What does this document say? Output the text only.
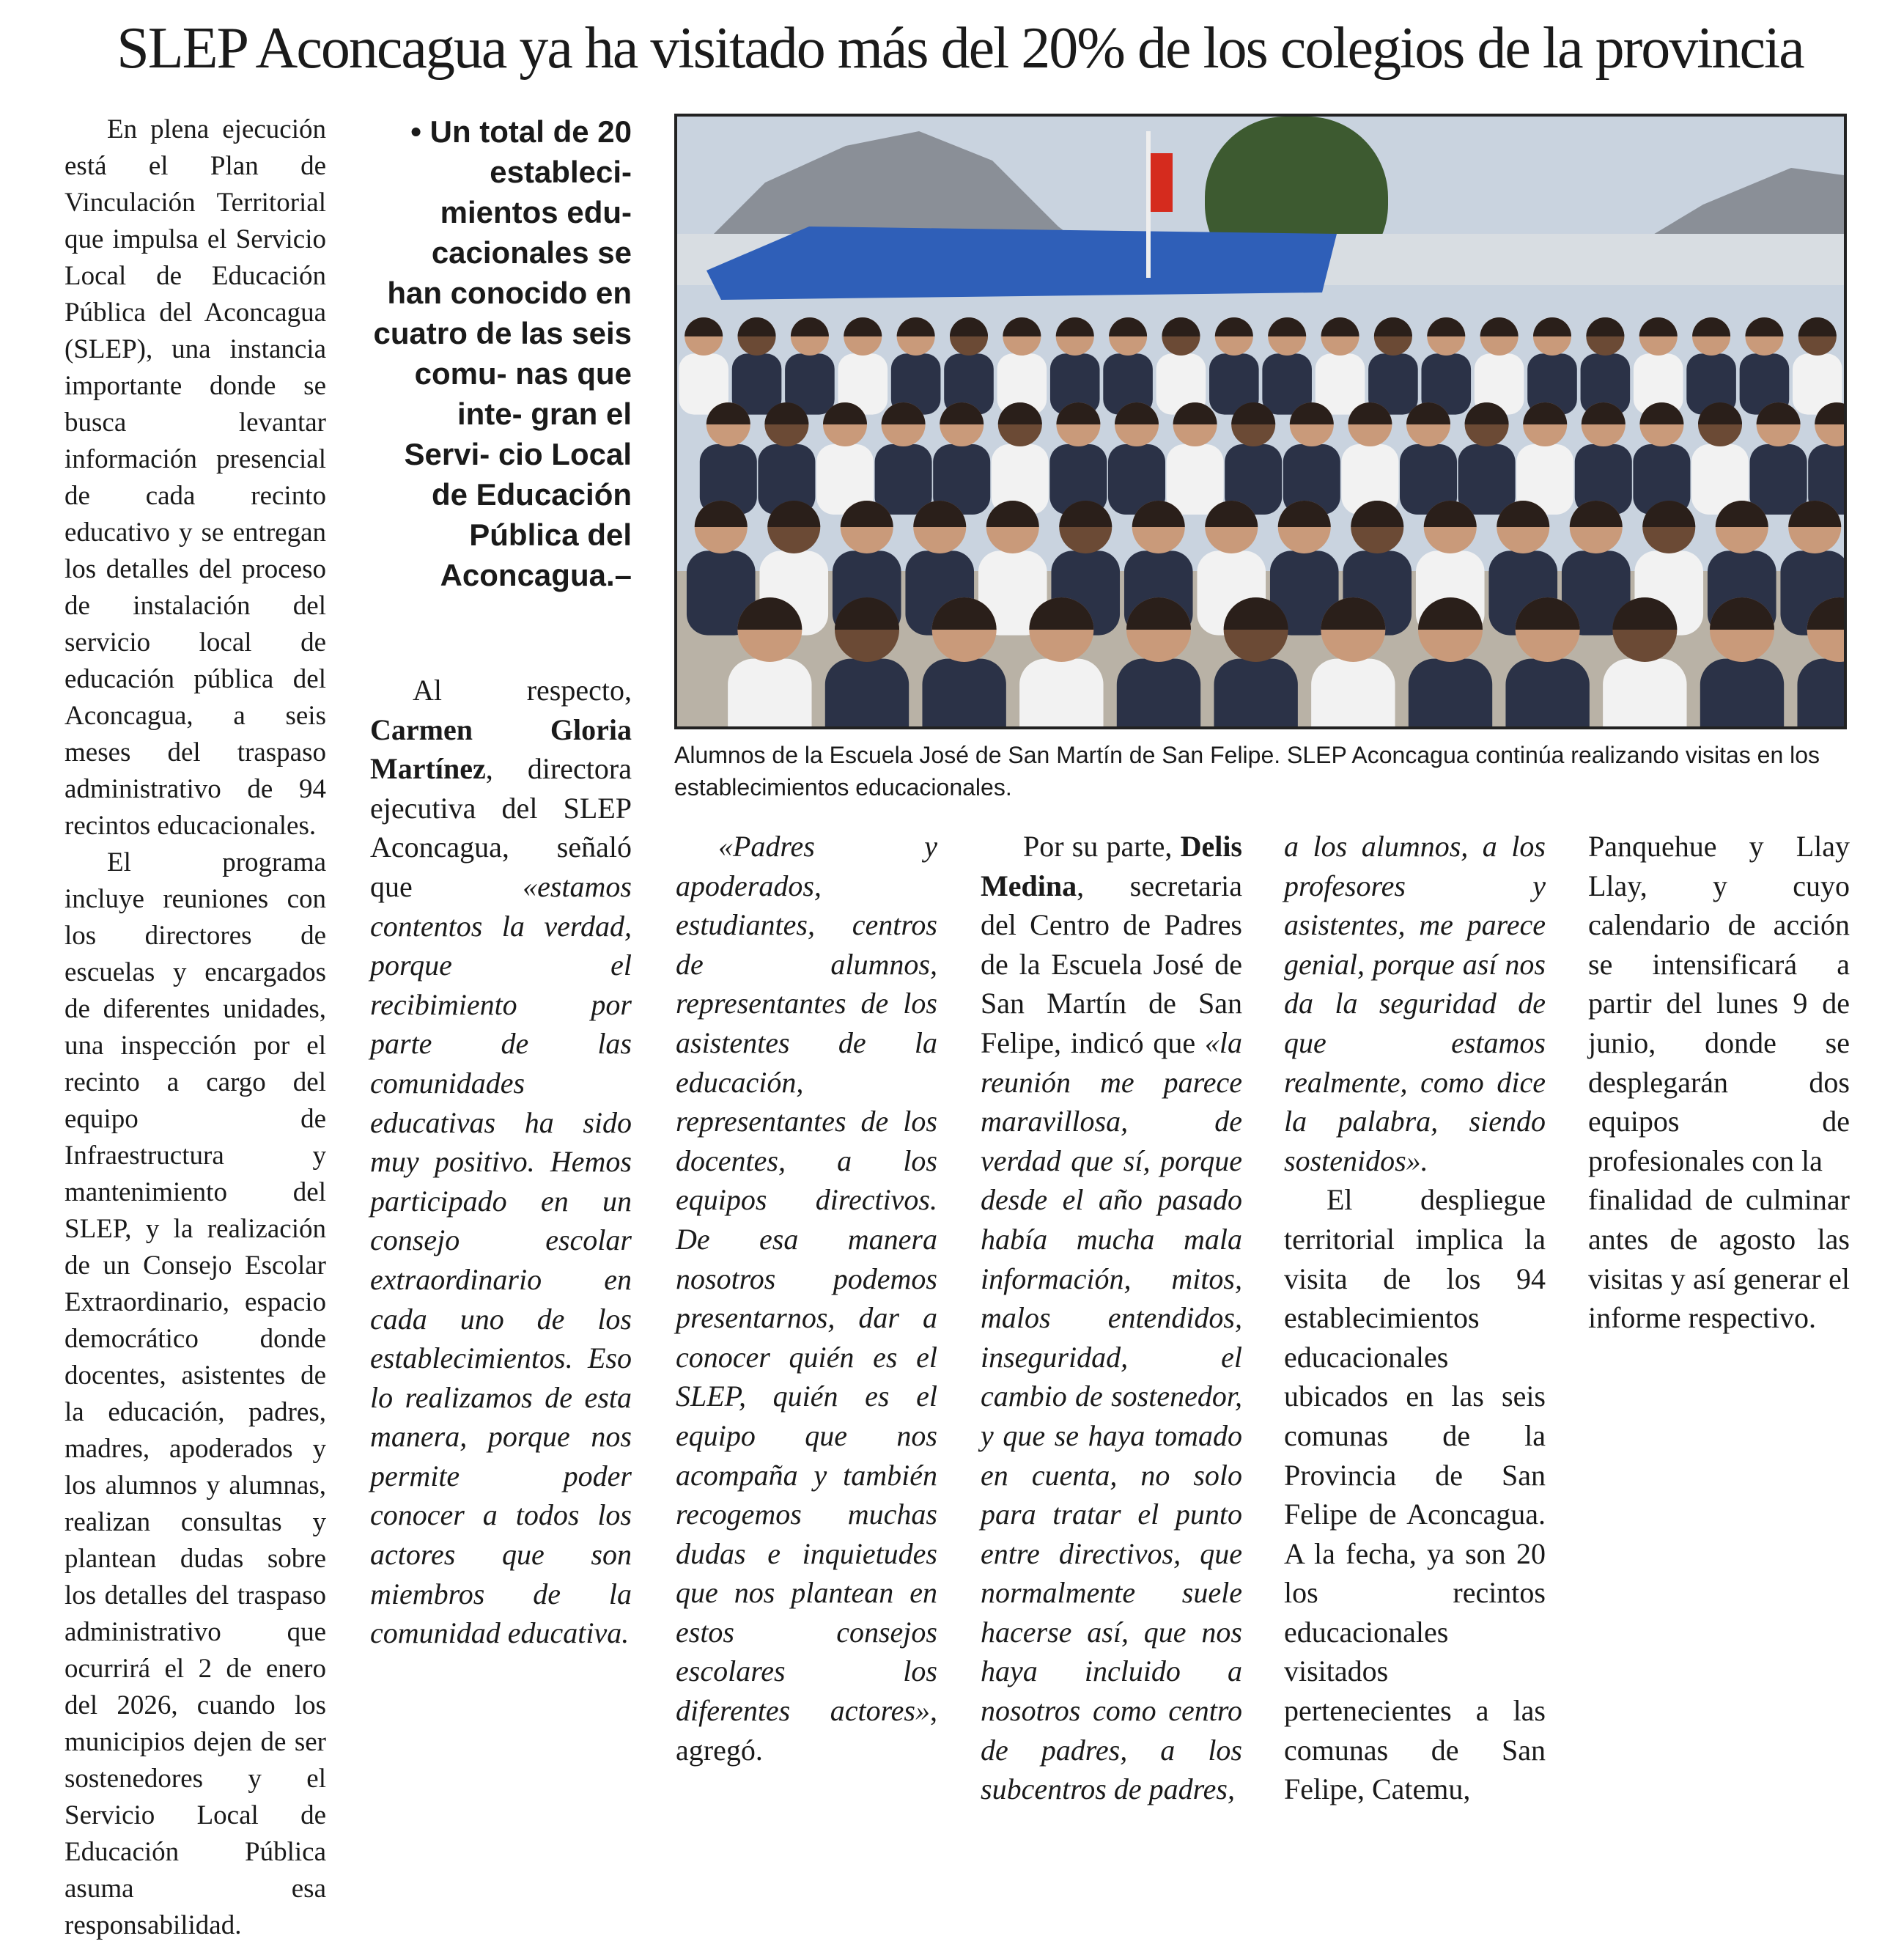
SLEP Aconcagua ya ha visitado más del 20% de los colegios de la provincia

En plena ejecución está el Plan de Vinculación Territorial que impulsa el Servicio Local de Educación Pública del Aconcagua (SLEP), una instancia importante donde se busca levantar información presencial de cada recinto educativo y se entregan los detalles del proceso de instalación del servicio local de educación pública del Aconcagua, a seis meses del traspaso administrativo de 94 recintos educacionales.

El programa incluye reuniones con los directores de escuelas y encargados de diferentes unidades, una inspección por el recinto a cargo del equipo de Infraestructura y mantenimiento del SLEP, y la realización de un Consejo Escolar Extraordinario, espacio democrático donde docentes, asistentes de la educación, padres, madres, apoderados y los alumnos y alumnas, realizan consultas y plantean dudas sobre los detalles del traspaso administrativo que ocurrirá el 2 de enero del 2026, cuando los municipios dejen de ser sostenedores y el Servicio Local de Educación Pública asuma esa responsabilidad.

• Un total de 20 estableci- mientos edu- cacionales se han conocido en cuatro de las seis comu- nas que inte- gran el Servi- cio Local de Educación Pública del Aconcagua.–

Al respecto, Carmen Gloria Martínez, directora ejecutiva del SLEP Aconcagua, señaló que «estamos contentos la verdad, porque el recibimiento por parte de las comunidades educativas ha sido muy positivo. Hemos participado en un consejo escolar extraordinario en cada uno de los establecimientos. Eso lo realizamos de esta manera, porque nos permite poder conocer a todos los actores que son miembros de la comunidad educativa.

Alumnos de la Escuela José de San Martín de San Felipe. SLEP Aconcagua continúa realizando visitas en los establecimientos educacionales.

«Padres y apoderados, estudiantes, centros de alumnos, representantes de los asistentes de la educación, representantes de los docentes, a los equipos directivos. De esa manera nosotros podemos presentarnos, dar a conocer quién es el SLEP, quién es el equipo que nos acompaña y también recogemos muchas dudas e inquietudes que nos plantean en estos consejos escolares los diferentes actores», agregó.

Por su parte, Delis Medina, secretaria del Centro de Padres de la Escuela José de San Martín de San Felipe, indicó que «la reunión me parece maravillosa, de verdad que sí, porque desde el año pasado había mucha mala información, mitos, malos entendidos, inseguridad, el cambio de sostenedor, y que se haya tomado en cuenta, no solo para tratar el punto entre directivos, que normalmente suele hacerse así, que nos haya incluido a nosotros como centro de padres, a los subcentros de padres,

a los alumnos, a los profesores y asistentes, me parece genial, porque así nos da la seguridad de que estamos realmente, como dice la palabra, siendo sostenidos».

El despliegue territorial implica la visita de los 94 establecimientos educacionales ubicados en las seis comunas de la Provincia de San Felipe de Aconcagua. A la fecha, ya son 20 los recintos educacionales visitados pertenecientes a las comunas de San Felipe, Catemu,

Panquehue y Llay Llay, y cuyo calendario de acción se intensificará a partir del lunes 9 de junio, donde se desplegarán dos equipos de profesionales con la

finalidad de culminar antes de agosto las visitas y así generar el informe respectivo.
